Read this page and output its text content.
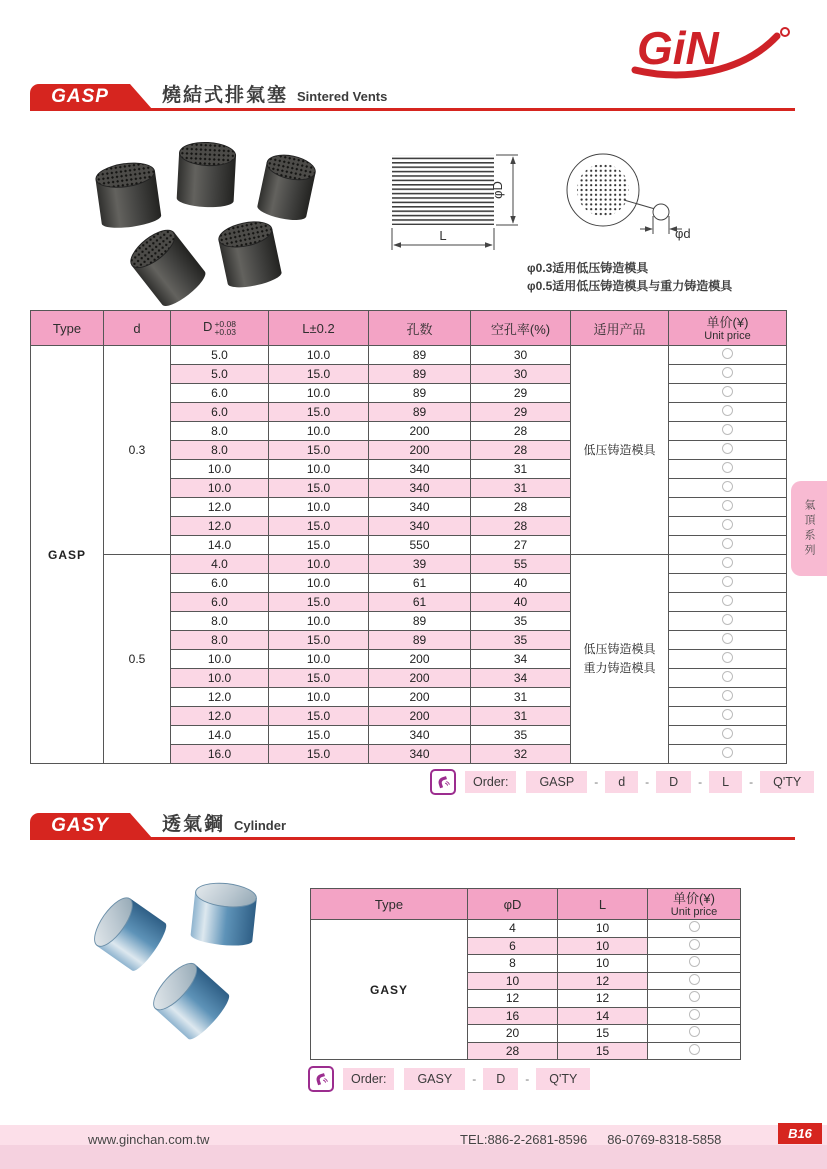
GiN
GASP	燒結式排氣塞 Sintered Vents
φD
L	φd
φ0.3适用低压铸造模具
φ0.5适用低压铸造模具与重力铸造模具
Type	d	D +0.08
+0.03	L±0.2	孔数	空孔率(%)	适用产品	单价(¥)
Unit price

GASP	0.3	5.0	10.0	89	30	低压铸造模具	
		5.0	15.0	89	30		
		6.0	10.0	89	29		
		6.0	15.0	89	29		
		8.0	10.0	200	28		
		8.0	15.0	200	28		
		10.0	10.0	340	31		
		10.0	15.0	340	31		
		12.0	10.0	340	28		
		12.0	15.0	340	28		
		14.0	15.0	550	27		
	0.5	4.0	10.0	39	55	低压铸造模具
重力铸造模具	
		6.0	10.0	61	40		
		6.0	15.0	61	40		
		8.0	10.0	89	35		
		8.0	15.0	89	35		
		10.0	10.0	200	34		
		10.0	15.0	200	34		
		12.0	10.0	200	31		
		12.0	15.0	200	31		
		14.0	15.0	340	35		
		16.0	15.0	340	32		
Order:	GASP	-	d	-	D	-	L	-	Q'TY
GASY	透氣鋼 Cylinder
Type	φD	L	单价(¥)
Unit price

GASY	4	10	
	6	10	
	8	10	
	10	12	
	12	12	
	16	14	
	20	15	
	28	15	
Order:	GASY	-	D	-	Q'TY
氣頂系列
www.ginchan.com.tw	TEL:886-2-2681-8596 86-0769-8318-5858	B16
